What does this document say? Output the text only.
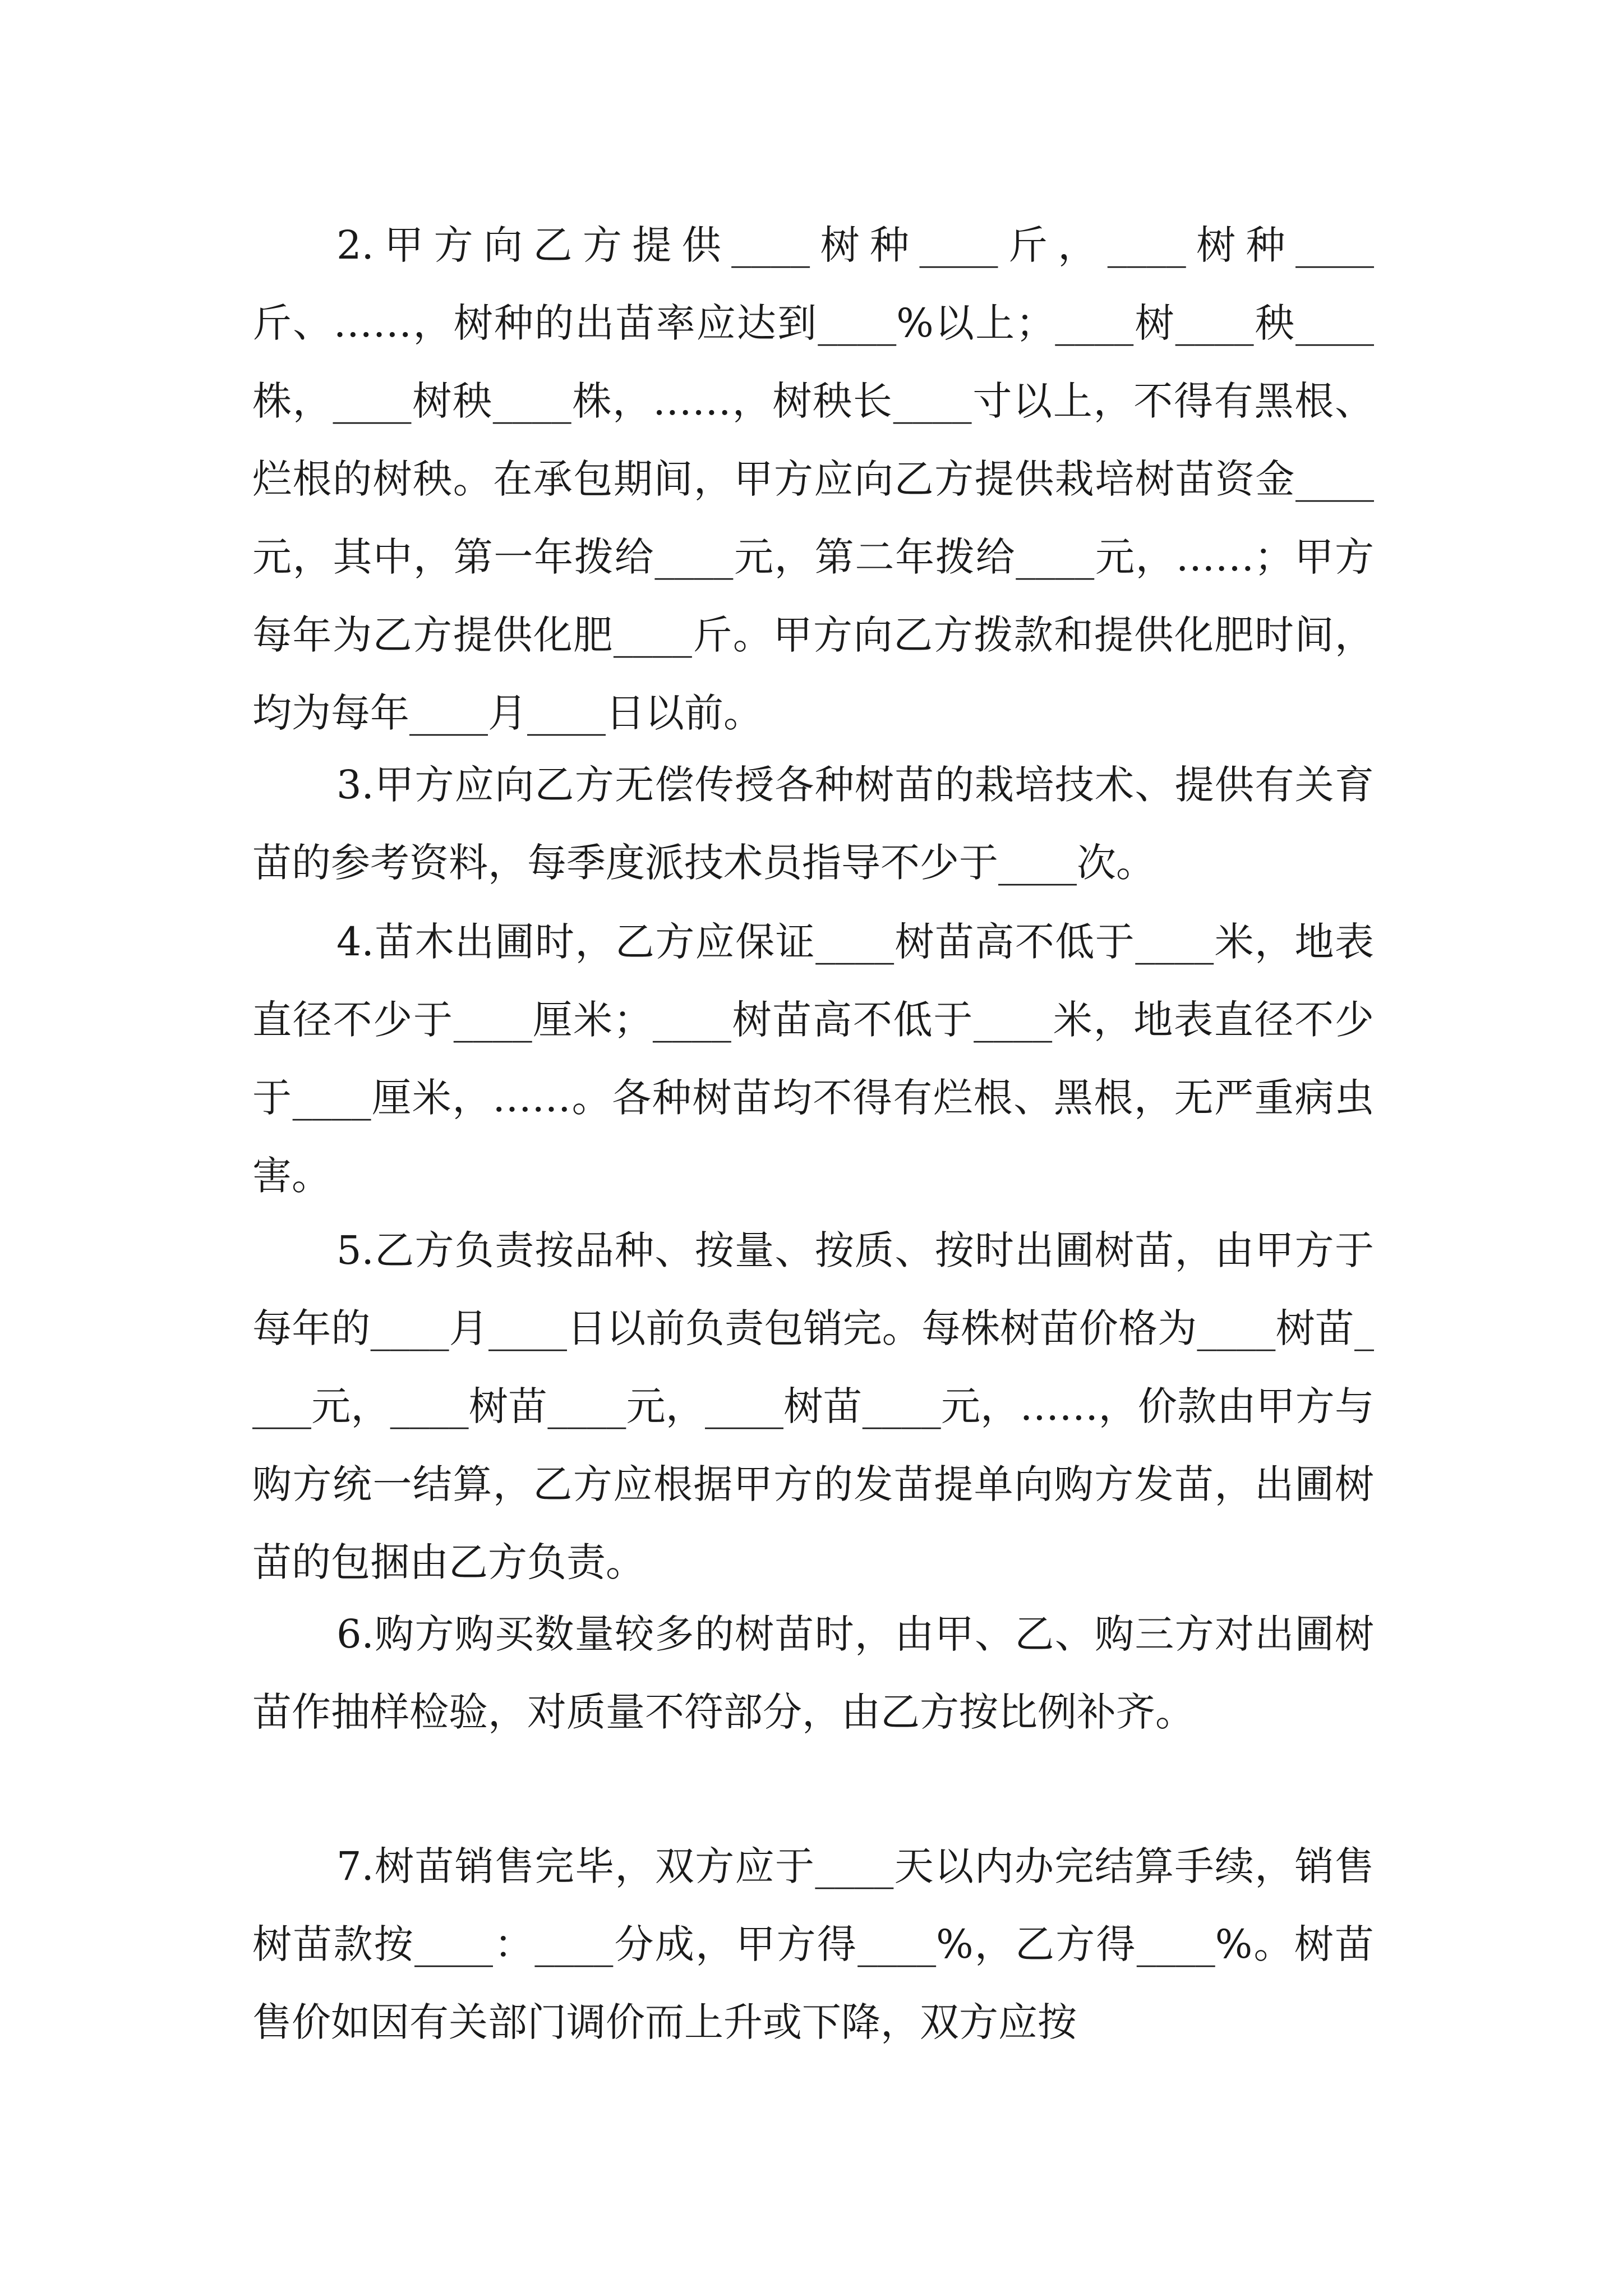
2.甲方向乙方提供____树种____斤，____树种____斤、……，树种的出苗率应达到____%以上；____树____秧____株，____树秧____株，……，树秧长____寸以上，不得有黑根、烂根的树秧。在承包期间，甲方应向乙方提供栽培树苗资金____元，其中，第一年拨给____元，第二年拨给____元，……；甲方每年为乙方提供化肥____斤。甲方向乙方拨款和提供化肥时间，均为每年____月____日以前。

3.甲方应向乙方无偿传授各种树苗的栽培技术、提供有关育苗的参考资料，每季度派技术员指导不少于____次。

4.苗木出圃时，乙方应保证____树苗高不低于____米，地表直径不少于____厘米；____树苗高不低于____米，地表直径不少于____厘米，……。各种树苗均不得有烂根、黑根，无严重病虫害。

5.乙方负责按品种、按量、按质、按时出圃树苗，由甲方于每年的____月____日以前负责包销完。每株树苗价格为____树苗____元，____树苗____元，____树苗____元，……，价款由甲方与购方统一结算，乙方应根据甲方的发苗提单向购方发苗，出圃树苗的包捆由乙方负责。

6.购方购买数量较多的树苗时，由甲、乙、购三方对出圃树苗作抽样检验，对质量不符部分，由乙方按比例补齐。

7.树苗销售完毕，双方应于____天以内办完结算手续，销售树苗款按____：____分成，甲方得____%，乙方得____%。树苗售价如因有关部门调价而上升或下降，双方应按
